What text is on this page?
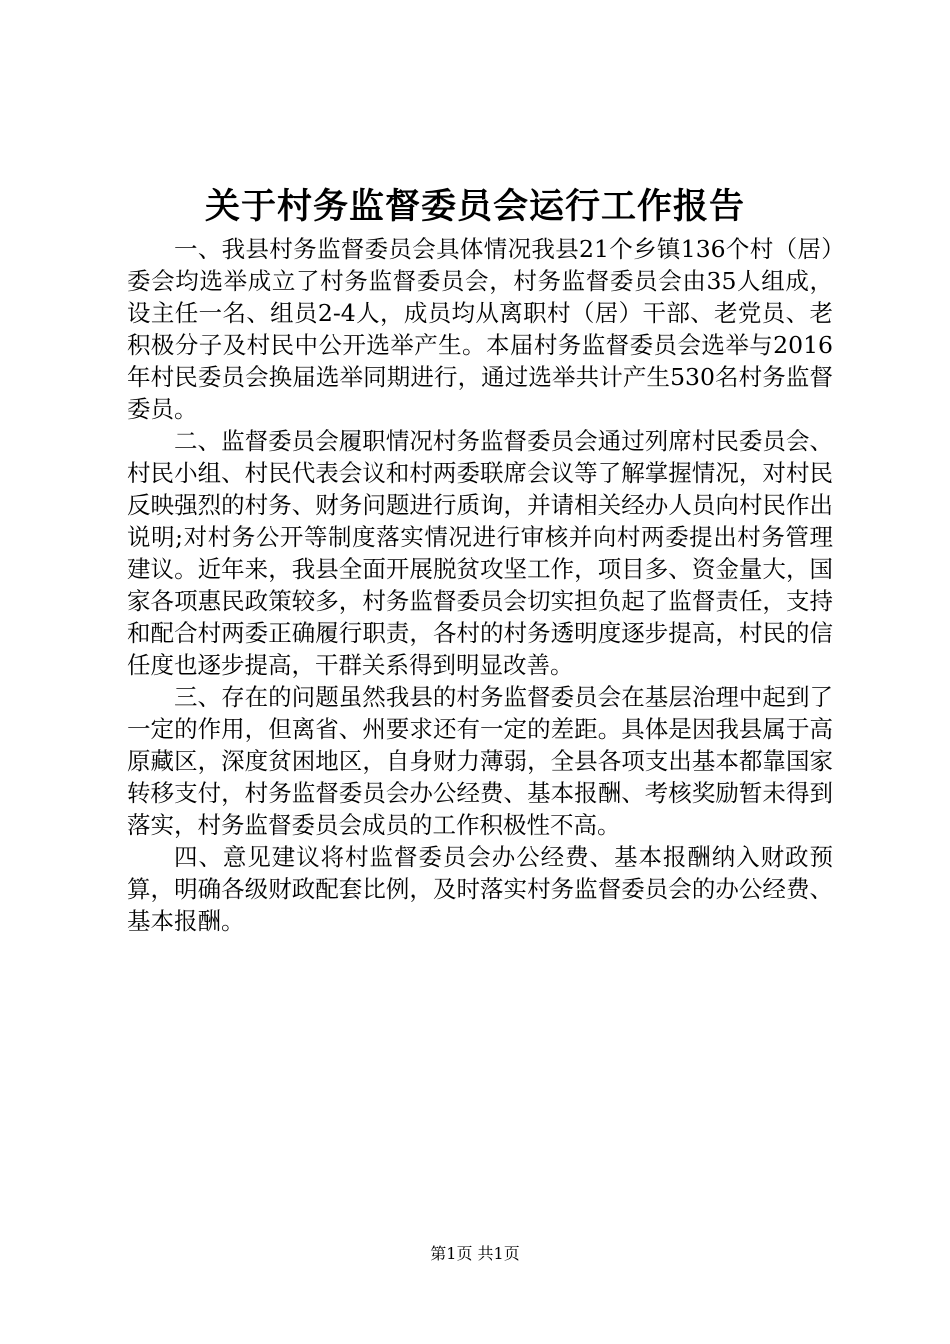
关于村务监督委员会运行工作报告

一、我县村务监督委员会具体情况我县21个乡镇136个村（居）委会均选举成立了村务监督委员会，村务监督委员会由35人组成，设主任一名、组员2-4人，成员均从离职村（居）干部、老党员、老积极分子及村民中公开选举产生。本届村务监督委员会选举与2016年村民委员会换届选举同期进行，通过选举共计产生530名村务监督委员。

二、监督委员会履职情况村务监督委员会通过列席村民委员会、村民小组、村民代表会议和村两委联席会议等了解掌握情况，对村民反映强烈的村务、财务问题进行质询，并请相关经办人员向村民作出说明;对村务公开等制度落实情况进行审核并向村两委提出村务管理建议。近年来，我县全面开展脱贫攻坚工作，项目多、资金量大，国家各项惠民政策较多，村务监督委员会切实担负起了监督责任，支持和配合村两委正确履行职责，各村的村务透明度逐步提高，村民的信任度也逐步提高，干群关系得到明显改善。

三、存在的问题虽然我县的村务监督委员会在基层治理中起到了一定的作用，但离省、州要求还有一定的差距。具体是因我县属于高原藏区，深度贫困地区，自身财力薄弱，全县各项支出基本都靠国家转移支付，村务监督委员会办公经费、基本报酬、考核奖励暂未得到落实，村务监督委员会成员的工作积极性不高。

四、意见建议将村监督委员会办公经费、基本报酬纳入财政预算，明确各级财政配套比例，及时落实村务监督委员会的办公经费、基本报酬。

第1页 共1页
